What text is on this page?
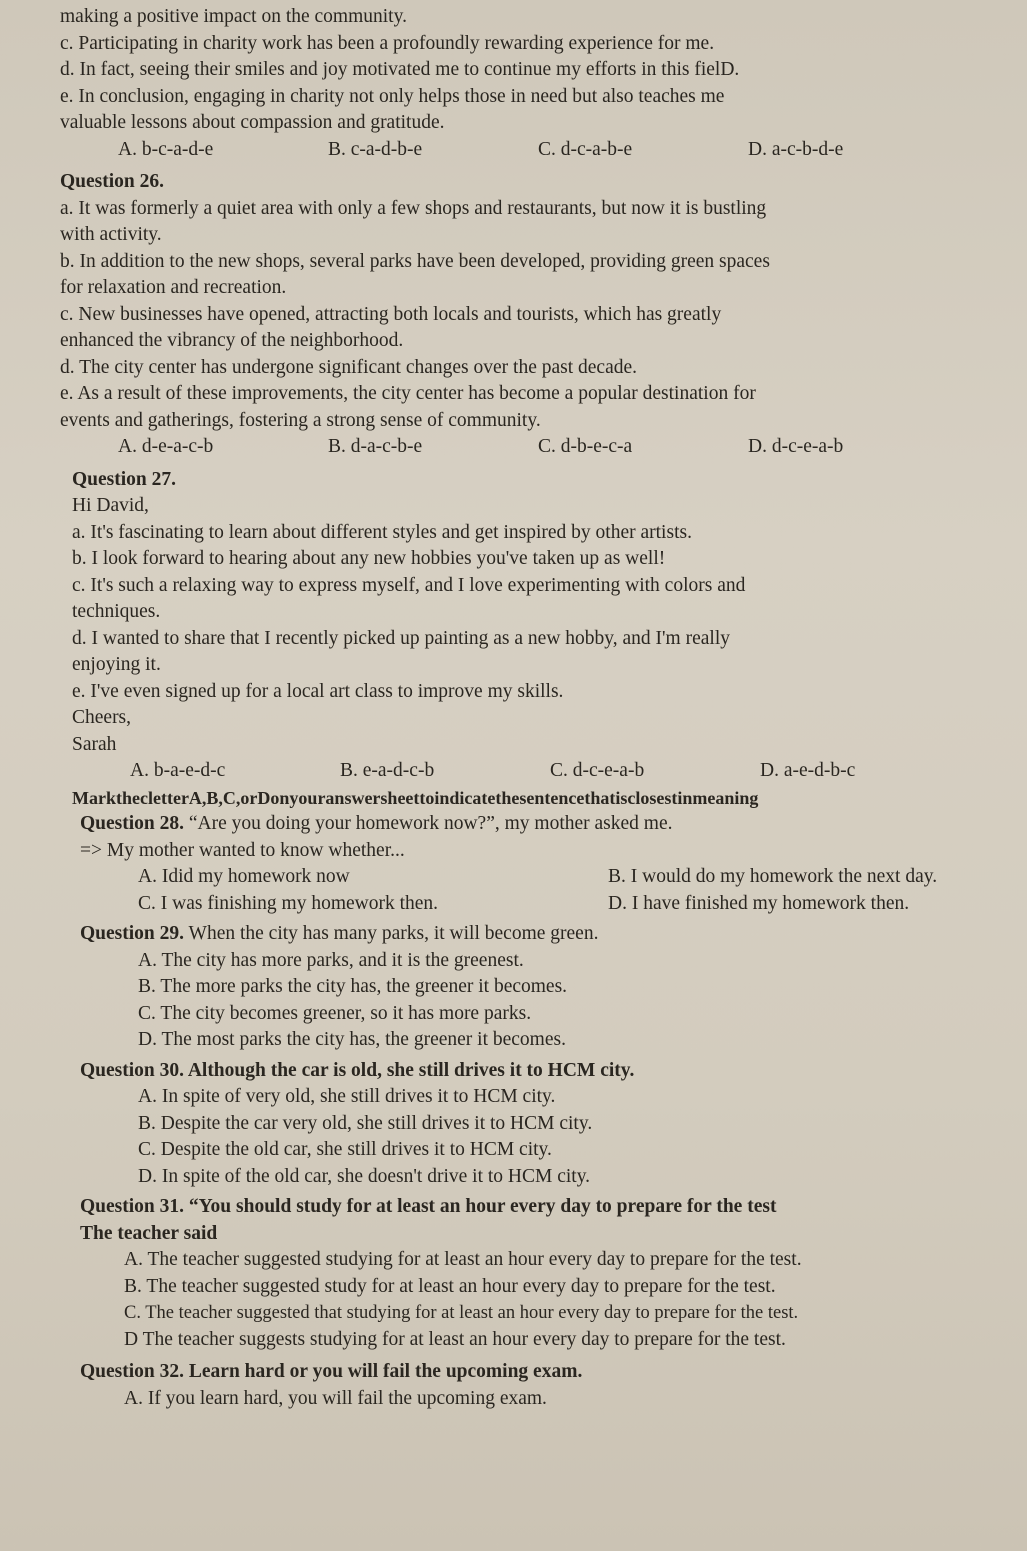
making a positive impact on the community.
c. Participating in charity work has been a profoundly rewarding experience for me.
d. In fact, seeing their smiles and joy motivated me to continue my efforts in this fielD.
e. In conclusion, engaging in charity not only helps those in need but also teaches me
valuable lessons about compassion and gratitude.
A. b-c-a-d-e	B. c-a-d-b-e	C. d-c-a-b-e	D. a-c-b-d-e
Question 26.
a. It was formerly a quiet area with only a few shops and restaurants, but now it is bustling
with activity.
b. In addition to the new shops, several parks have been developed, providing green spaces
for relaxation and recreation.
c. New businesses have opened, attracting both locals and tourists, which has greatly
enhanced the vibrancy of the neighborhood.
d. The city center has undergone significant changes over the past decade.
e. As a result of these improvements, the city center has become a popular destination for
events and gatherings, fostering a strong sense of community.
A. d-e-a-c-b	B. d-a-c-b-e	C. d-b-e-c-a	D. d-c-e-a-b
Question 27.
Hi David,
a. It's fascinating to learn about different styles and get inspired by other artists.
b. I look forward to hearing about any new hobbies you've taken up as well!
c. It's such a relaxing way to express myself, and I love experimenting with colors and
techniques.
d. I wanted to share that I recently picked up painting as a new hobby, and I'm really
enjoying it.
e. I've even signed up for a local art class to improve my skills.
Cheers,
Sarah
A. b-a-e-d-c	B. e-a-d-c-b	C. d-c-e-a-b	D. a-e-d-b-c
MarkthecletterA,B,C,orDonyouranswersheettoindicatethesentencethatisclosestinmeaning
Question 28. “Are you doing your homework now?”, my mother asked me.
=> My mother wanted to know whether...
A. Idid my homework now	B. I would do my homework the next day.
C. I was finishing my homework then.	D. I have finished my homework then.
Question 29. When the city has many parks, it will become green.
A. The city has more parks, and it is the greenest.
B. The more parks the city has, the greener it becomes.
C. The city becomes greener, so it has more parks.
D. The most parks the city has, the greener it becomes.
Question 30. Although the car is old, she still drives it to HCM city.
A. In spite of very old, she still drives it to HCM city.
B. Despite the car very old, she still drives it to HCM city.
C. Despite the old car, she still drives it to HCM city.
D. In spite of the old car, she doesn't drive it to HCM city.
Question 31. “You should study for at least an hour every day to prepare for the test
The teacher said
A. The teacher suggested studying for at least an hour every day to prepare for the test.
B. The teacher suggested study for at least an hour every day to prepare for the test.
C. The teacher suggested that studying for at least an hour every day to prepare for the test.
D The teacher suggests studying for at least an hour every day to prepare for the test.
Question 32. Learn hard or you will fail the upcoming exam.
A. If you learn hard, you will fail the upcoming exam.
